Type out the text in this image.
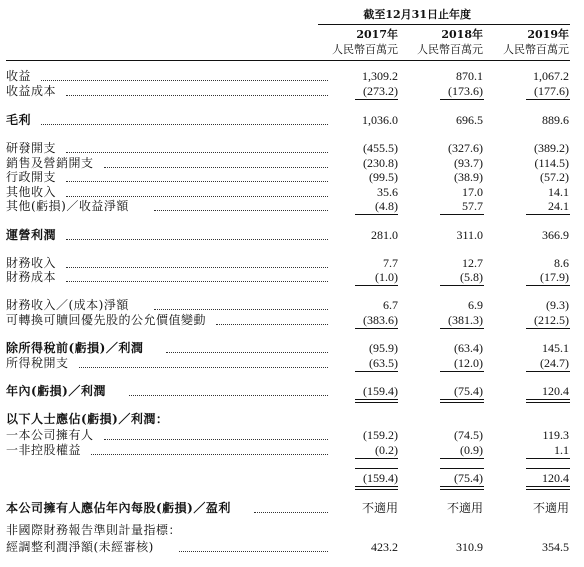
截至12月31日止年度
2017年	2018年	2019年
人民幣百萬元 人民幣百萬元 人民幣百萬元
收益	1,309.2	870.1	1,067.2
收益成本	(273.2)	(173.6)	(177.6)
毛利	1,036.0	696.5	889.6
研發開支	(455.5)	(327.6)	(389.2)
銷售及營銷開支	(230.8)	(93.7)	(114.5)
行政開支	(99.5)	(38.9)	(57.2)
其他收入	35.6	17.0	14.1
其他(虧損)／收益淨額	(4.8)	57.7	24.1
運營利潤	281.0	311.0	366.9
財務收入	7.7	12.7	8.6
財務成本	(1.0)	(5.8)	(17.9)
財務收入／(成本)淨額	6.7	6.9	(9.3)
可轉換可贖回優先股的公允價值變動	(383.6)	(381.3)	(212.5)
除所得稅前(虧損)／利潤	(95.9)	(63.4)	145.1
所得稅開支	(63.5)	(12.0)	(24.7)
年內(虧損)／利潤	(159.4)	(75.4)	120.4
以下人士應佔(虧損)／利潤：
一本公司擁有人	(159.2)	(74.5)	119.3
一非控股權益	(0.2)	(0.9)	1.1
(159.4)	(75.4)	120.4
本公司擁有人應佔年內每股(虧損)／盈利	不適用	不適用	不適用
非國際財務報告準則計量指標：
經調整利潤淨額(未經審核)	423.2	310.9	354.5
